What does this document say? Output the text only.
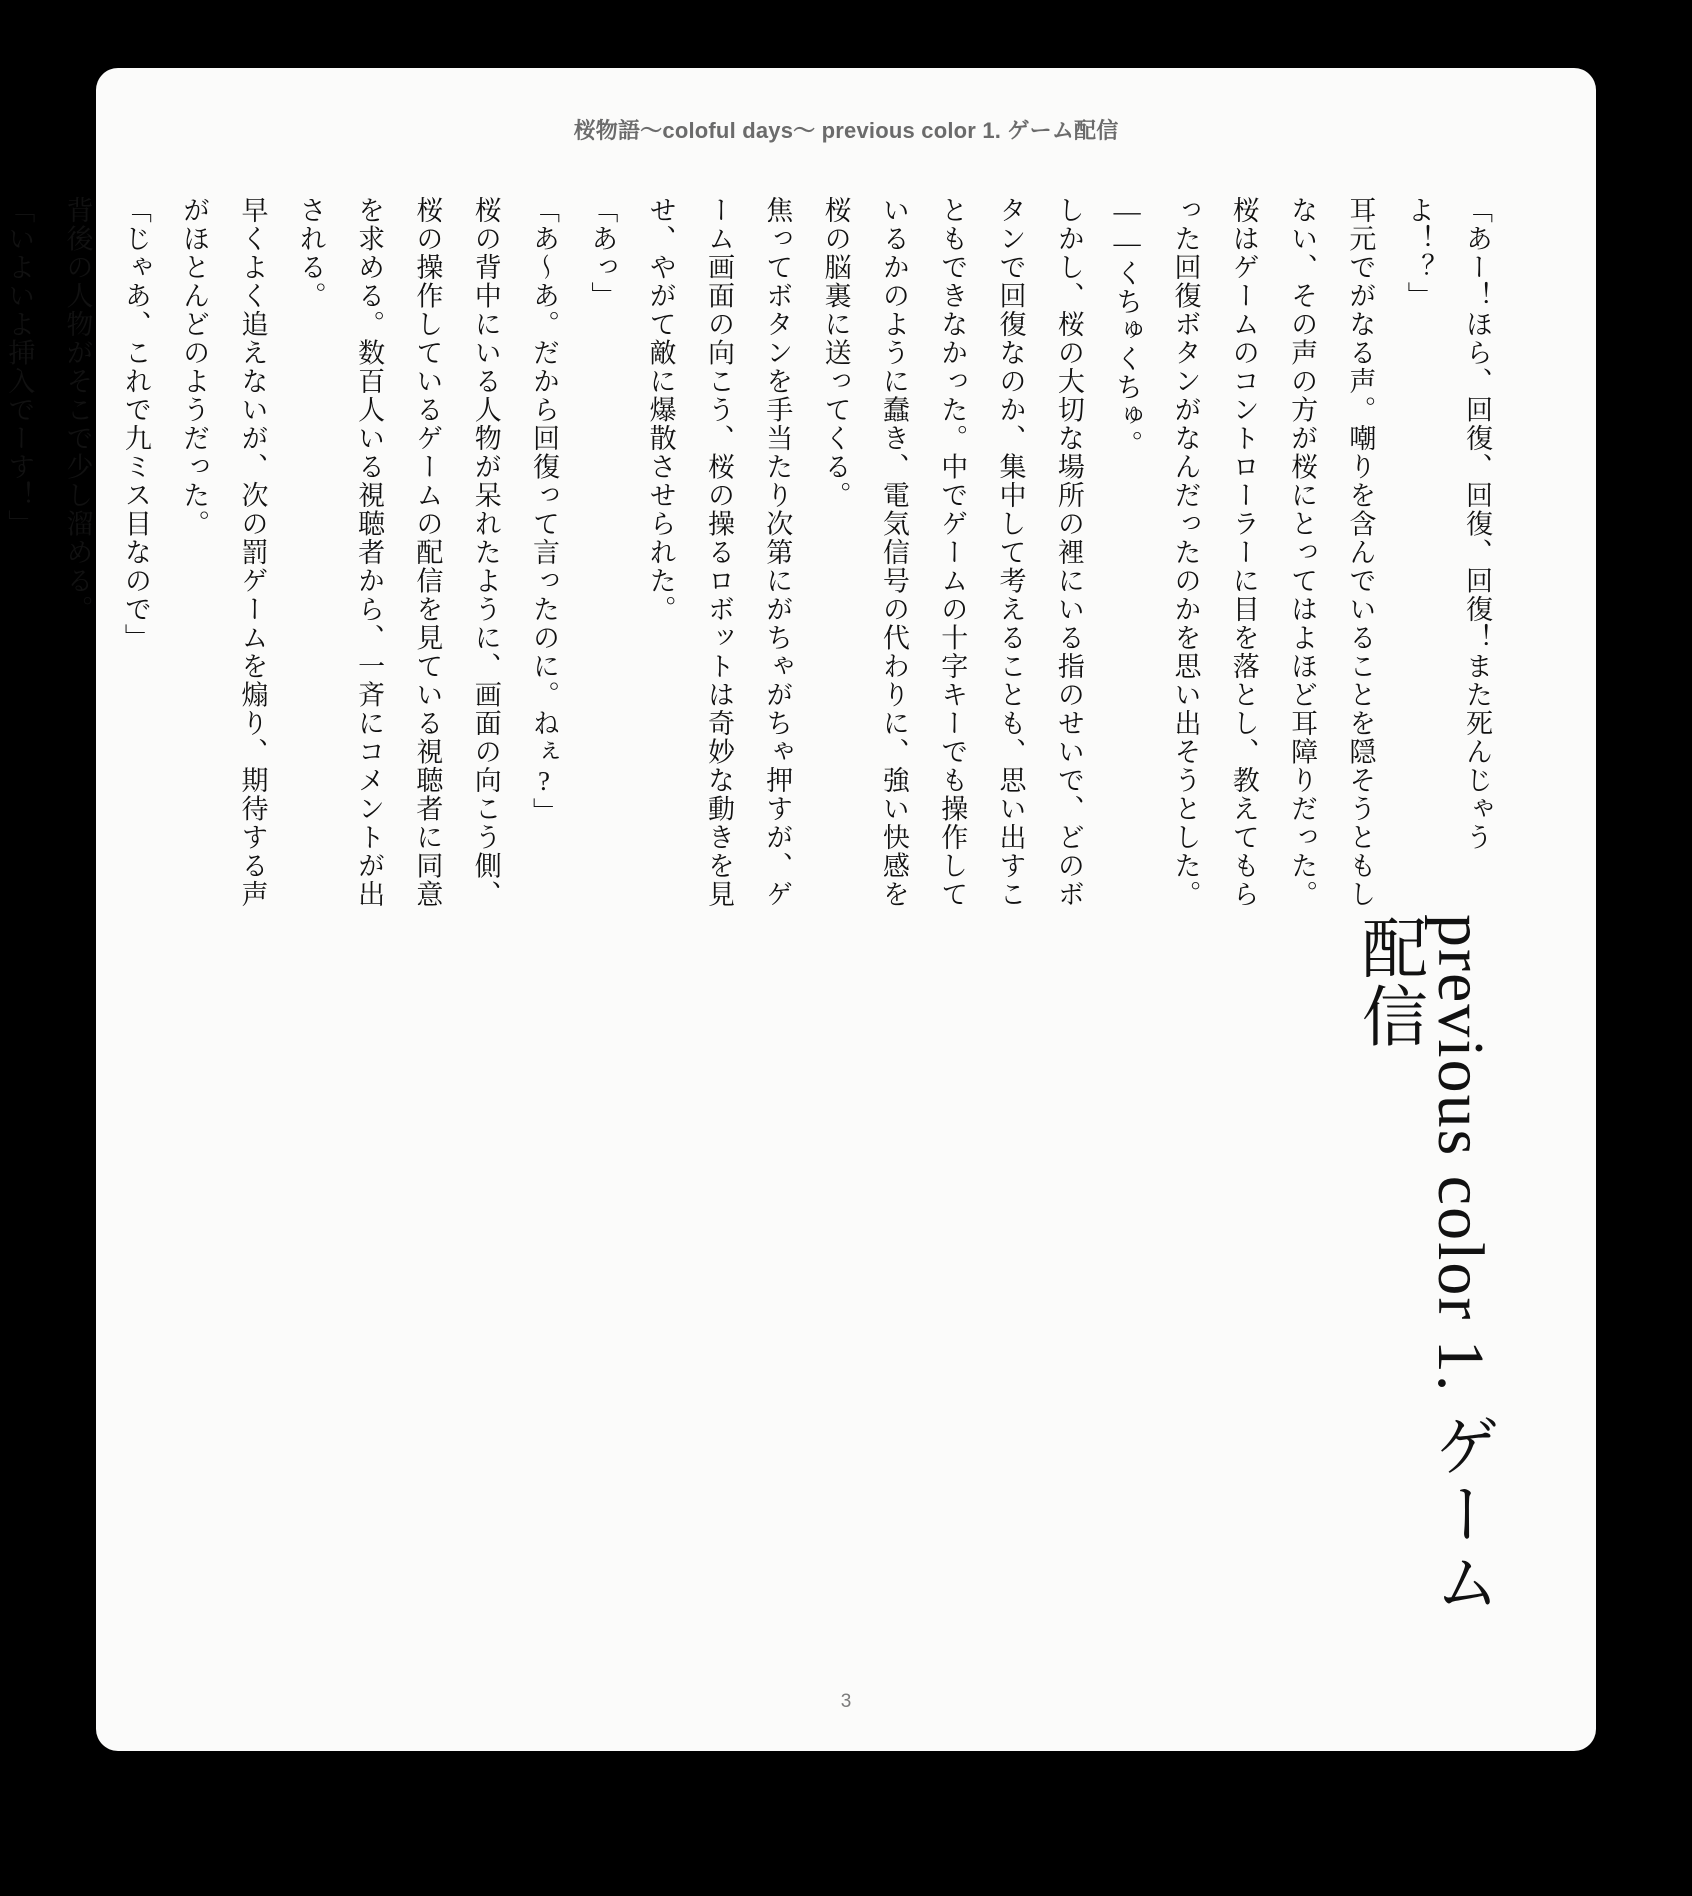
桜物語〜coloful days〜 previous color 1. ゲーム配信
previous color 1. ゲーム配信

「あー！ほら、回復、回復、回復！また死んじゃうよ！？」

耳元でがなる声。嘲りを含んでいることを隠そうともしない、その声の方が桜にとってはよほど耳障りだった。

桜はゲームのコントローラーに目を落とし、教えてもらった回復ボタンがなんだったのかを思い出そうとした。

――くちゅくちゅ。

しかし、桜の大切な場所の裡にいる指のせいで、どのボタンで回復なのか、集中して考えることも、思い出すこともできなかった。中でゲームの十字キーでも操作しているかのように蠢き、電気信号の代わりに、強い快感を桜の脳裏に送ってくる。

焦ってボタンを手当たり次第にがちゃがちゃ押すが、ゲーム画面の向こう、桜の操るロボットは奇妙な動きを見せ、やがて敵に爆散させられた。

「あっ」

「あ〜あ。だから回復って言ったのに。ねぇ?」

桜の背中にいる人物が呆れたように、画面の向こう側、桜の操作しているゲームの配信を見ている視聴者に同意を求める。数百人いる視聴者から、一斉にコメントが出される。

早くよく追えないが、次の罰ゲームを煽り、期待する声がほとんどのようだった。

「じゃあ、これで九ミス目なので」

背後の人物がそこで少し溜める。

「いよいよ挿入でーす！」

3
